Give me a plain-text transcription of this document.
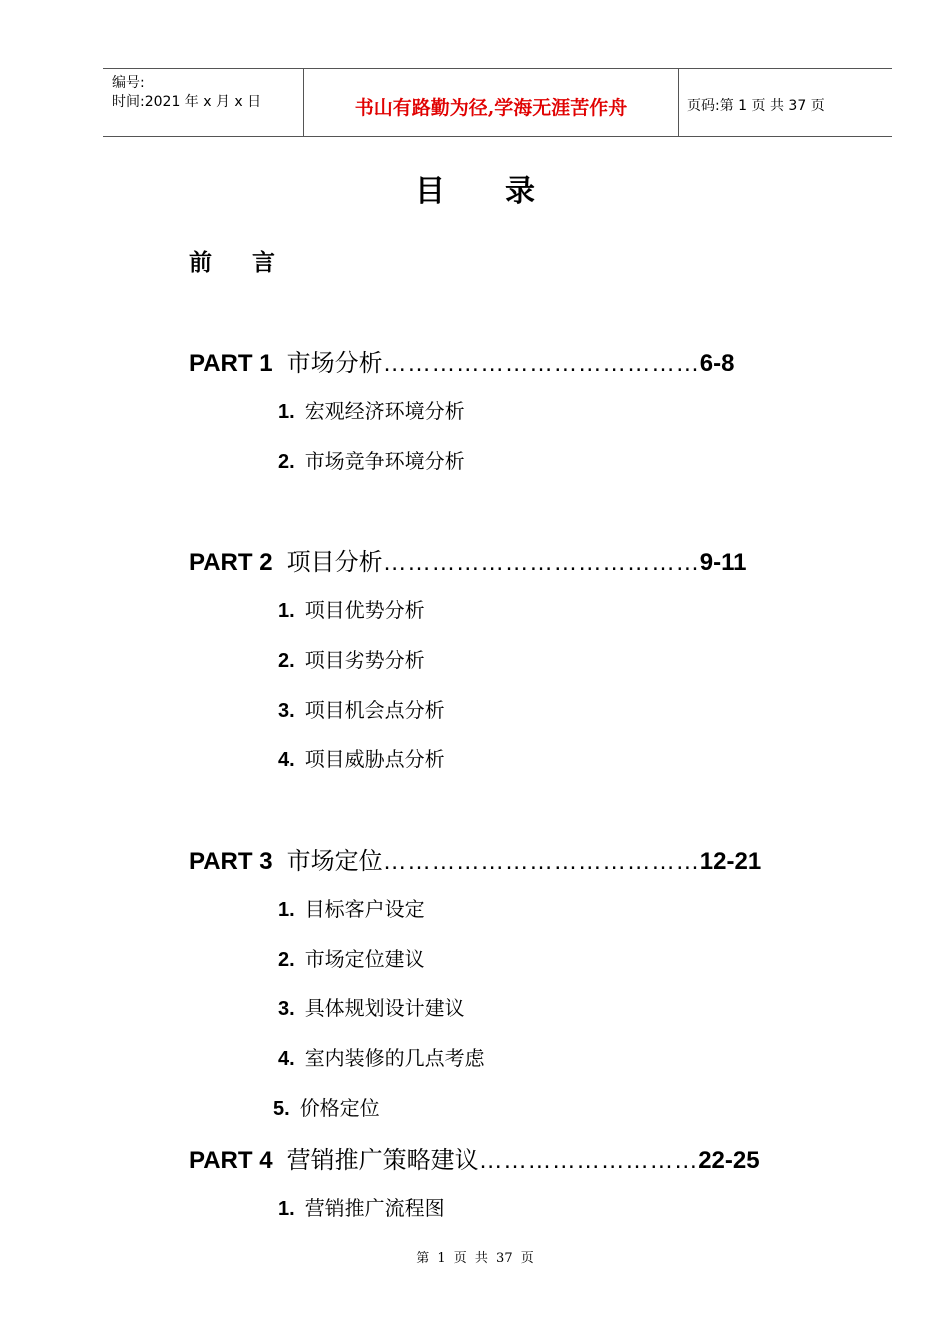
编号:
时间:2021 年 x 月 x 日	书山有路勤为径,学海无涯苦作舟	页码:第 1 页 共 37 页
目录
前言
PART 1 市场分析…………………………………6-8
1. 宏观经济环境分析
2. 市场竞争环境分析
PART 2 项目分析…………………………………9-11
1. 项目优势分析
2. 项目劣势分析
3. 项目机会点分析
4. 项目威胁点分析
PART 3 市场定位…………………………………12-21
1. 目标客户设定
2. 市场定位建议
3. 具体规划设计建议
4. 室内装修的几点考虑
5. 价格定位
PART 4 营销推广策略建议………………………22-25
1. 营销推广流程图
第 1 页 共 37 页
